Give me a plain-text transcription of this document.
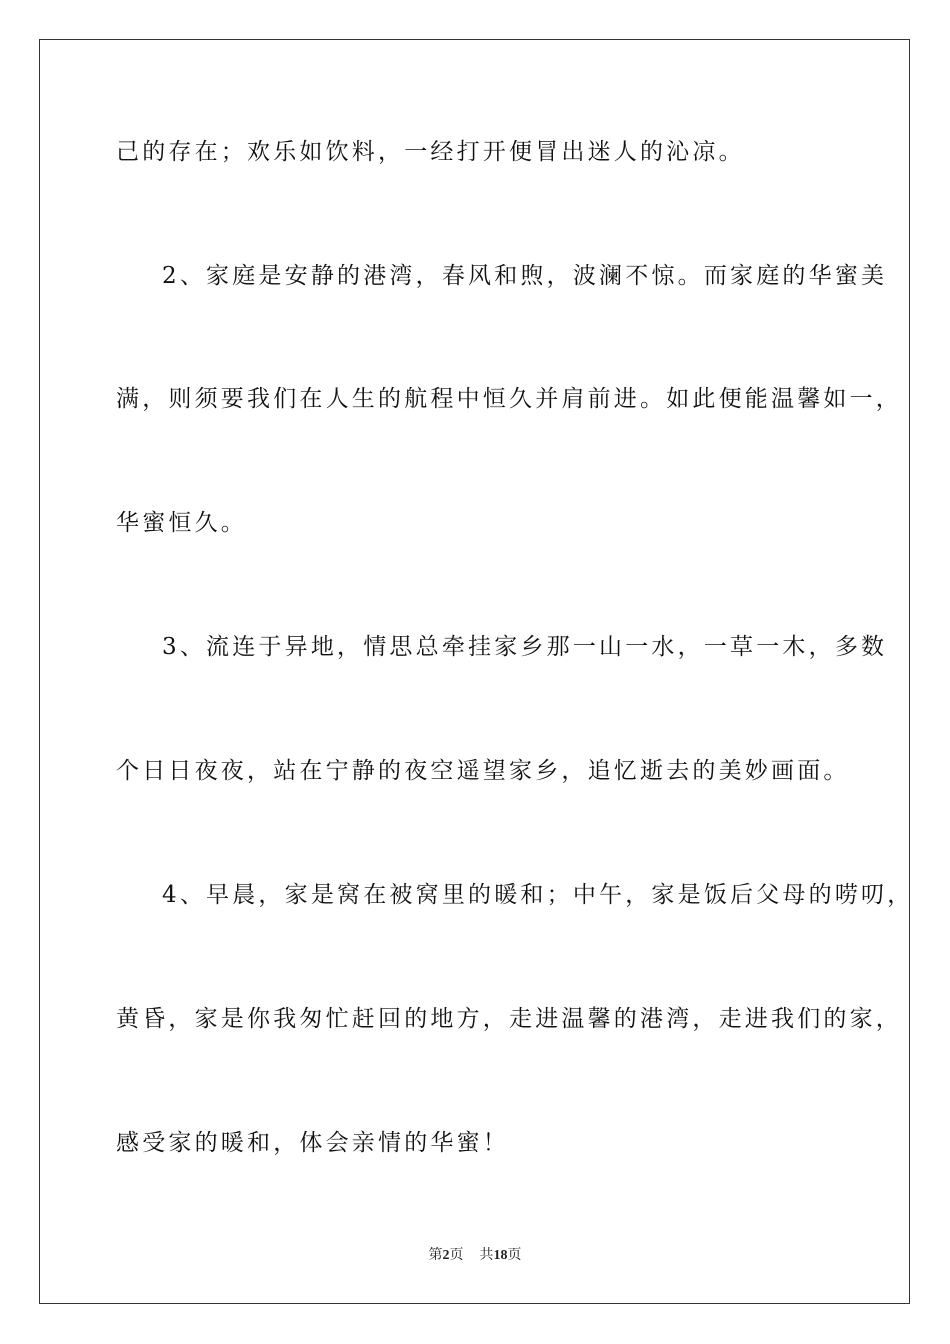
己的存在；欢乐如饮料，一经打开便冒出迷人的沁凉。
2、家庭是安静的港湾，春风和煦，波澜不惊。而家庭的华蜜美
满，则须要我们在人生的航程中恒久并肩前进。如此便能温馨如一，
华蜜恒久。
3、流连于异地，情思总牵挂家乡那一山一水，一草一木，多数
个日日夜夜，站在宁静的夜空遥望家乡，追忆逝去的美妙画面。
4、早晨，家是窝在被窝里的暖和；中午，家是饭后父母的唠叨，
黄昏，家是你我匆忙赶回的地方，走进温馨的港湾，走进我们的家，
感受家的暖和，体会亲情的华蜜！
第2页 共18页
